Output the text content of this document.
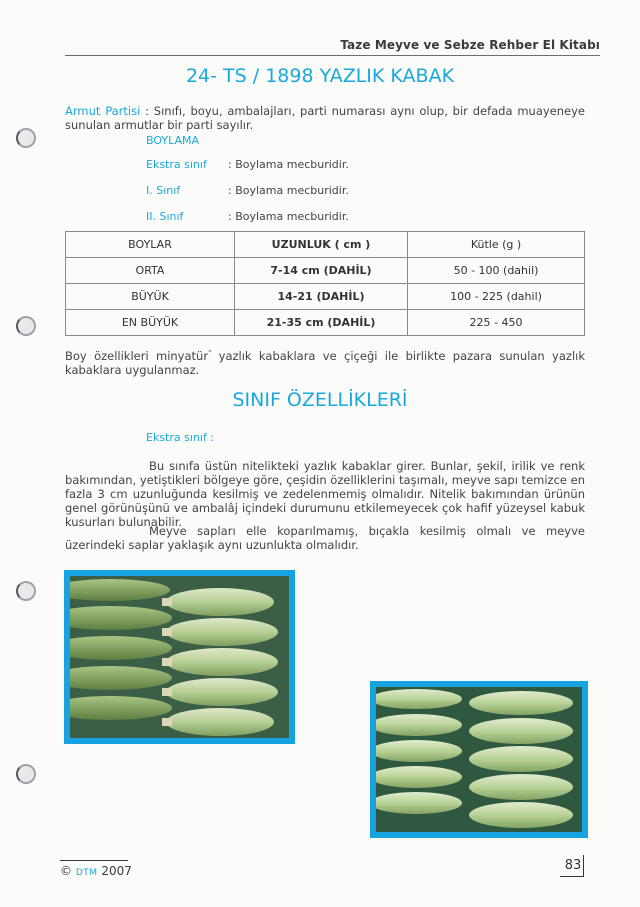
Taze Meyve ve Sebze Rehber El Kitabı
24- TS / 1898 YAZLIK KABAK
Armut Partisi : Sınıfı, boyu, ambalajları, parti numarası aynı olup, bir defada muayeneye sunulan armutlar bir parti sayılır.
BOYLAMA
Ekstra sınıf : Boylama mecburidir.
I. Sınıf	: Boylama mecburidir.
II. Sınıf	: Boylama mecburidir.
BOYLAR	UZUNLUK ( cm )	Kütle (g )
ORTA	7-14 cm (DAHİL)	50 - 100 (dahil)
BÜYÜK	14-21 (DAHİL)	100 - 225 (dahil)
EN BÜYÜK	21-35 cm (DAHİL)	225 - 450
Boy özellikleri minyatür" yazlık kabaklara ve çiçeği ile birlikte pazara sunulan yazlık kabaklara uygulanmaz.
SINIF ÖZELLİKLERİ
Ekstra sınıf :
Bu sınıfa üstün nitelikteki yazlık kabaklar girer. Bunlar, şekil, irilik ve renk bakımından, yetiştikleri bölgeye göre, çeşidin özelliklerini taşımalı, meyve sapı temizce en fazla 3 cm uzunluğunda kesilmiş ve zedelenmemiş olmalıdır. Nitelik bakımından ürünün genel görünüşünü ve ambalâj içindeki durumunu etkilemeyecek çok hafif yüzeysel kabuk kusurları bulunabilir.
Meyve sapları elle koparılmamış, bıçakla kesilmiş olmalı ve meyve üzerindeki saplar yaklaşık aynı uzunlukta olmalıdır.
© DTM 2007	83
